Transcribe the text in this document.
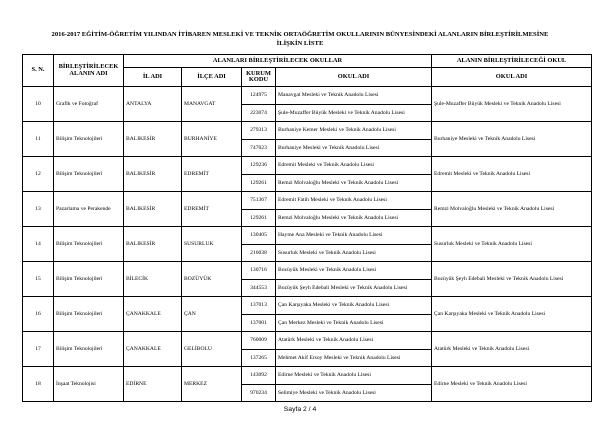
2016-2017 EĞİTİM-ÖĞRETİM YILINDAN İTİBAREN MESLEKİ VE TEKNİK ORTAÖĞRETİM OKULLARININ BÜNYESİNDEKİ ALANLARIN BİRLEŞTİRİLMESİNE
İLİŞKİN LİSTE
S. N.	BİRLEŞTİRİLECEK
ALANIN ADI	ALANLARI BİRLEŞTİRİLECEK OKULLAR				ALANIN BİRLEŞTİRİLECEĞİ OKUL
		İL ADI	İLÇE ADI	KURUM
KODU	OKUL ADI	OKUL ADI
10	Grafik ve Fotoğraf	ANTALYA	MANAVGAT	124975	Manavgat Mesleki ve Teknik Anadolu Lisesi	Şule-Muzaffer Büyük Mesleki ve Teknik Anadolu Lisesi
				223074	Şule-Muzaffer Büyük Mesleki ve Teknik Anadolu Lisesi	
11	Bilişim Teknolojileri	BALIKESİR	BURHANİYE	279313	Burhaniye Kemer Mesleki ve Teknik Anadolu Lisesi	Burhaniye Mesleki ve Teknik Anadolu Lisesi
				747023	Burhaniye Mesleki ve Teknik Anadolu Lisesi	
12	Bilişim Teknolojileri	BALIKESİR	EDREMİT	129236	Edremit Mesleki ve Teknik Anadolu Lisesi	Edremit Mesleki ve Teknik Anadolu Lisesi
				129261	Remzi Molvaloğlu Mesleki ve Teknik Anadolu Lisesi	
13	Pazarlama ve Perakende	BALIKESİR	EDREMİT	751367	Edremit Fatih Mesleki ve Teknik Anadolu Lisesi	Remzi Molvaloğlu Mesleki ve Teknik Anadolu Lisesi
				129261	Remzi Molvaloğlu Mesleki ve Teknik Anadolu Lisesi	
14	Bilişim Teknolojileri	BALIKESİR	SUSURLUK	130405	Hayme Ana Mesleki ve Teknik Anadolu Lisesi	Susurluk Mesleki ve Teknik Anadolu Lisesi
				216038	Susurluk Mesleki ve Teknik Anadolu Lisesi	
15	Bilişim Teknolojileri	BİLECİK	BOZÜYÜK	130716	Bozüyük Mesleki ve Teknik Anadolu Lisesi	Bozüyük Şeyh Edebali Mesleki ve Teknik Anadolu Lisesi
				344553	Bozüyük Şeyh Edebali Mesleki ve Teknik Anadolu Lisesi	
16	Bilişim Teknolojileri	ÇANAKKALE	ÇAN	137013	Çan Karşıyaka Mesleki ve Teknik Anadolu Lisesi	Çan Karşıyaka Mesleki ve Teknik Anadolu Lisesi
				137001	Çan Merkez Mesleki ve Teknik Anadolu Lisesi	
17	Bilişim Teknolojileri	ÇANAKKALE	GELİBOLU	760009	Atatürk Mesleki ve Teknik Anadolu Lisesi	Atatürk Mesleki ve Teknik Anadolu Lisesi
				137265	Mehmet Akif Ersoy Mesleki ve Teknik Anadolu Lisesi	
18	İnşaat Teknolojisi	EDİRNE	MERKEZ	143092	Edirne Mesleki ve Teknik Anadolu Lisesi	Edirne Mesleki ve Teknik Anadolu Lisesi
				970234	Selimiye Mesleki ve Teknik Anadolu Lisesi	
Sayfa 2 / 4
